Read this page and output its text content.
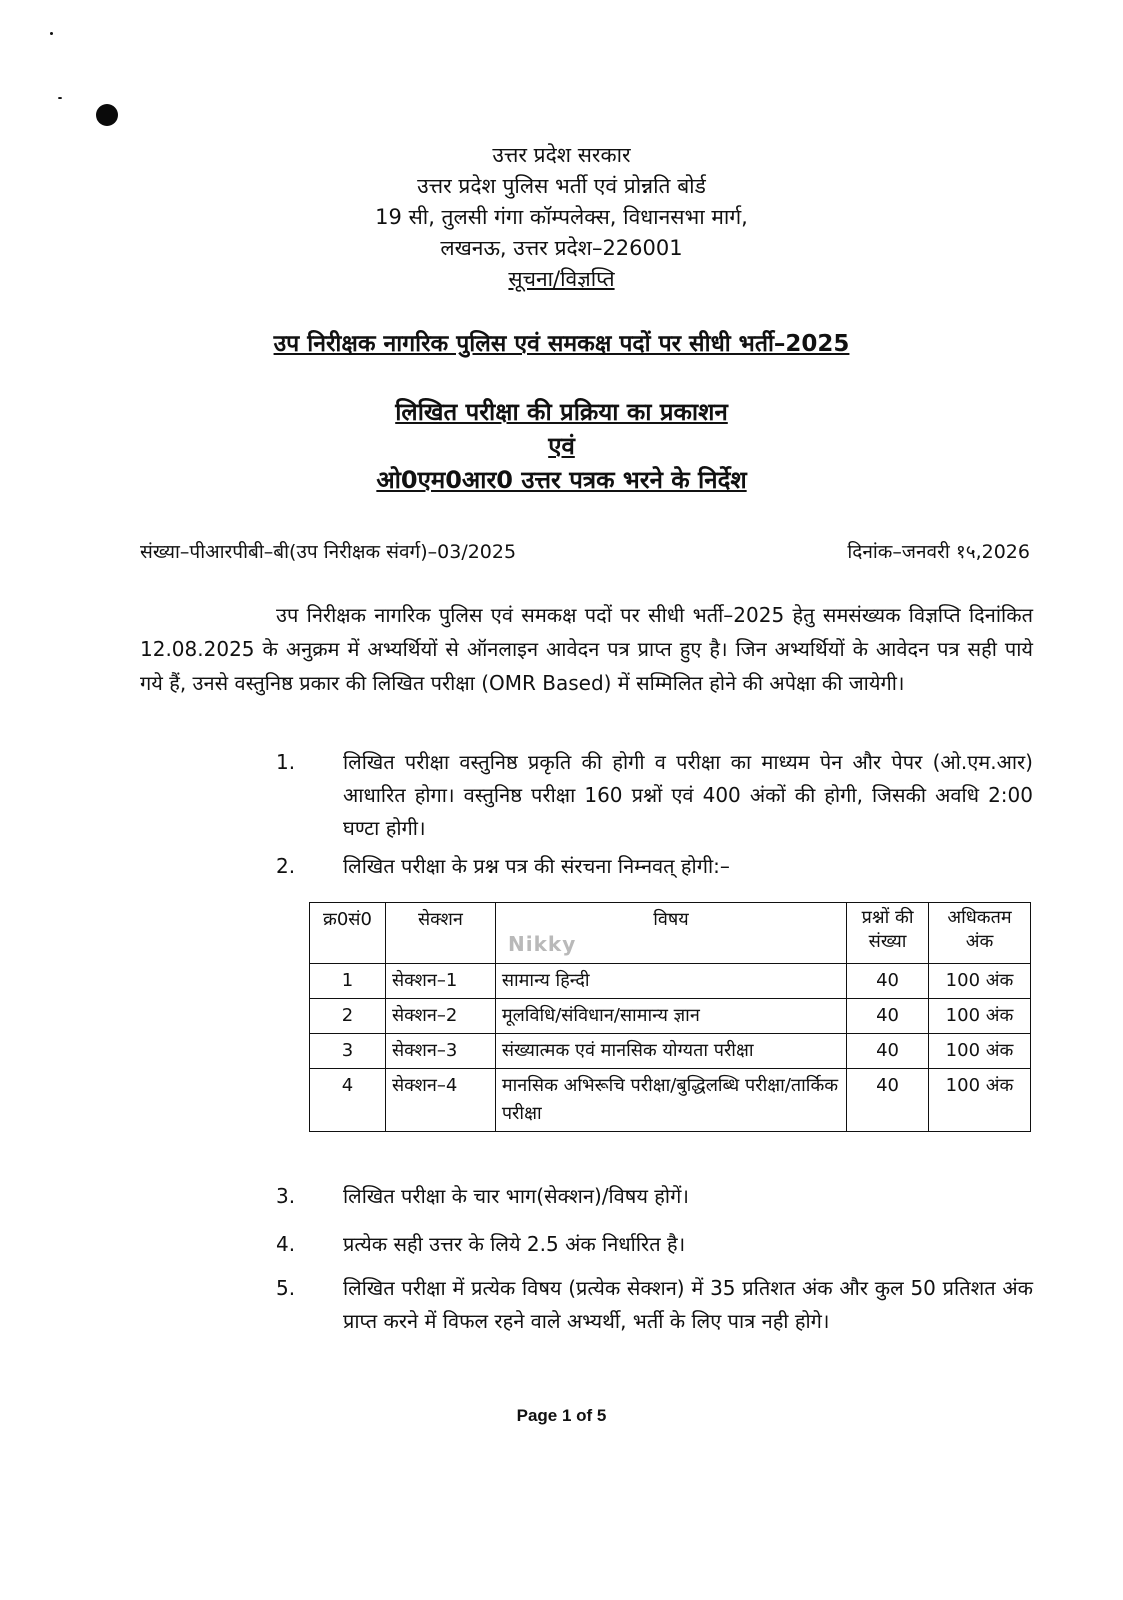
उत्तर प्रदेश सरकार
उत्तर प्रदेश पुलिस भर्ती एवं प्रोन्नति बोर्ड
19 सी, तुलसी गंगा कॉम्पलेक्स, विधानसभा मार्ग,
लखनऊ, उत्तर प्रदेश–226001
सूचना/विज्ञप्ति
उप निरीक्षक नागरिक पुलिस एवं समकक्ष पदों पर सीधी भर्ती–2025
लिखित परीक्षा की प्रक्रिया का प्रकाशन
एवं
ओ0एम0आर0 उत्तर पत्रक भरने के निर्देश
संख्या–पीआरपीबी–बी(उप निरीक्षक संवर्ग)–03/2025	दिनांक–जनवरी १५,2026
उप निरीक्षक नागरिक पुलिस एवं समकक्ष पदों पर सीधी भर्ती–2025 हेतु समसंख्यक विज्ञप्ति दिनांकित 12.08.2025 के अनुक्रम में अभ्यर्थियों से ऑनलाइन आवेदन पत्र प्राप्त हुए है। जिन अभ्यर्थियों के आवेदन पत्र सही पाये गये हैं, उनसे वस्तुनिष्ठ प्रकार की लिखित परीक्षा (OMR Based) में सम्मिलित होने की अपेक्षा की जायेगी।
1. लिखित परीक्षा वस्तुनिष्ठ प्रकृति की होगी व परीक्षा का माध्यम पेन और पेपर (ओ.एम.आर) आधारित होगा। वस्तुनिष्ठ परीक्षा 160 प्रश्नों एवं 400 अंकों की होगी, जिसकी अवधि 2:00 घण्टा होगी।
2. लिखित परीक्षा के प्रश्न पत्र की संरचना निम्नवत् होगी:–
क्र0सं0	सेक्शन	विषय	प्रश्नों की संख्या	अधिकतम अंक
1	सेक्शन–1	सामान्य हिन्दी	40	100 अंक
2	सेक्शन–2	मूलविधि/संविधान/सामान्य ज्ञान	40	100 अंक
3	सेक्शन–3	संख्यात्मक एवं मानसिक योग्यता परीक्षा	40	100 अंक
4	सेक्शन–4	मानसिक अभिरूचि परीक्षा/बुद्धिलब्धि परीक्षा/तार्किक परीक्षा	40	100 अंक
Nikky
3. लिखित परीक्षा के चार भाग(सेक्शन)/विषय होगें।
4. प्रत्येक सही उत्तर के लिये 2.5 अंक निर्धारित है।
5. लिखित परीक्षा में प्रत्येक विषय (प्रत्येक सेक्शन) में 35 प्रतिशत अंक और कुल 50 प्रतिशत अंक प्राप्त करने में विफल रहने वाले अभ्यर्थी, भर्ती के लिए पात्र नही होगे।
Page 1 of 5
